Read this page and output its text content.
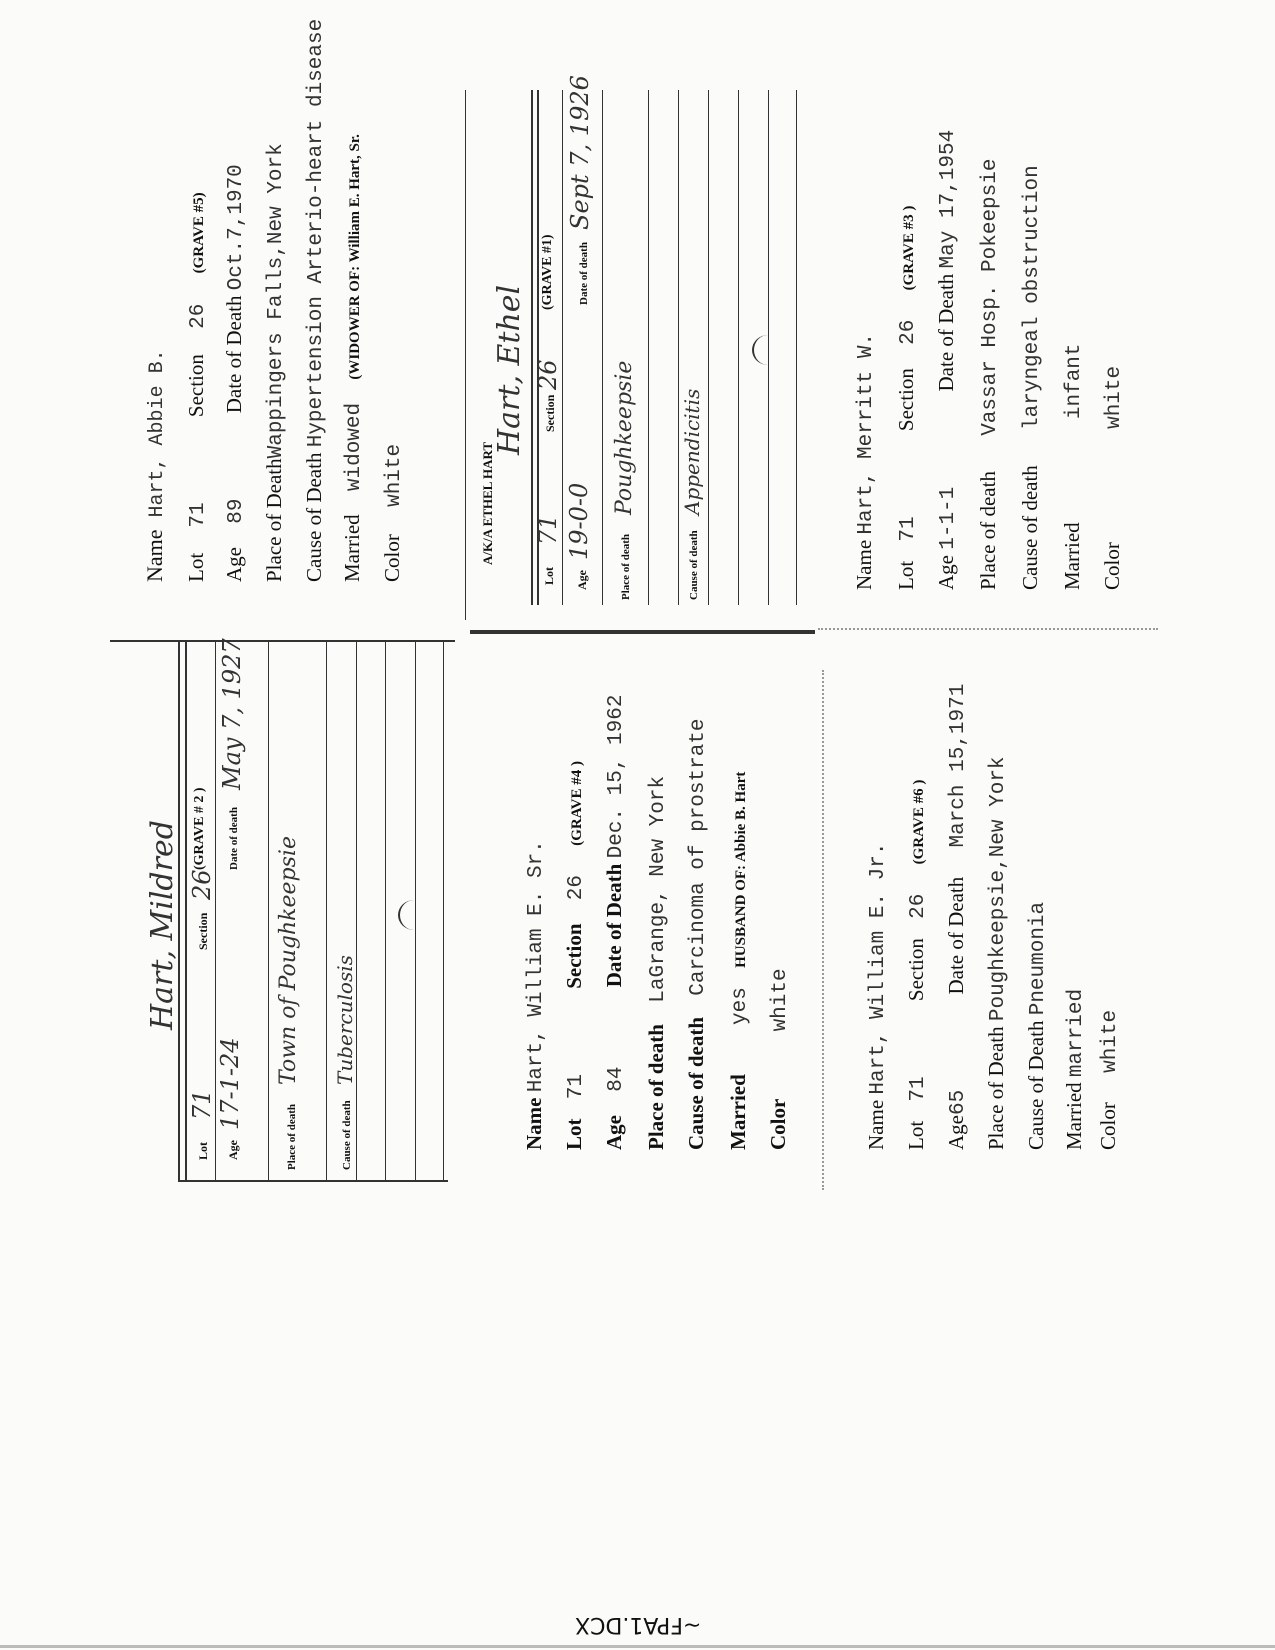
Hart, Mildred
Lot
71
Section
26
(GRAVE # 2 )
Age
17-1-24
Date of death
May 7, 1927
Place of death
Town of Poughkeepsie
Cause of death
Tuberculosis
Name Hart, Abbie B.
Lot 71 Section 26 (GRAVE #5)
Age 89 Date of Death Oct.7,1970
Place of DeathWappingers Falls,New York
Cause of Death Hypertension Arterio-heart disease
Married widowed (WIDOWER OF: William E. Hart, Sr.
Color white	A/K/A ETHEL HART
Hart, Ethel
Lot
71
Section
26
(GRAVE #1)
Age
19-0-0
Date of death
Sept 7, 1926
Place of death
Poughkeepsie
Cause of death
Appendicitis
Name Hart, William E. Sr.
Lot 71 Section 26 (GRAVE #4 )
Age 84 Date of Death Dec. 15, 1962
Place of death LaGrange, New York
Cause of death Carcinoma of prostrate
Married yes HUSBAND OF: Abbie B. Hart
Color white
Name Hart, Merritt W.
Lot 71 Section 26 (GRAVE #3 )
Age 1-1-1 Date of Death May 17,1954
Place of death Vassar Hosp. Pokeepsie
Cause of death laryngeal obstruction
Married infant
Color white
Name Hart, William E. Jr.
Lot 71 Section 26 (GRAVE #6 )
Age65 Date of Death March 15,1971
Place of Death Poughkeepsie,New York
Cause of Death Pneumonia
Married married
Color white
~FPA1.DCX
